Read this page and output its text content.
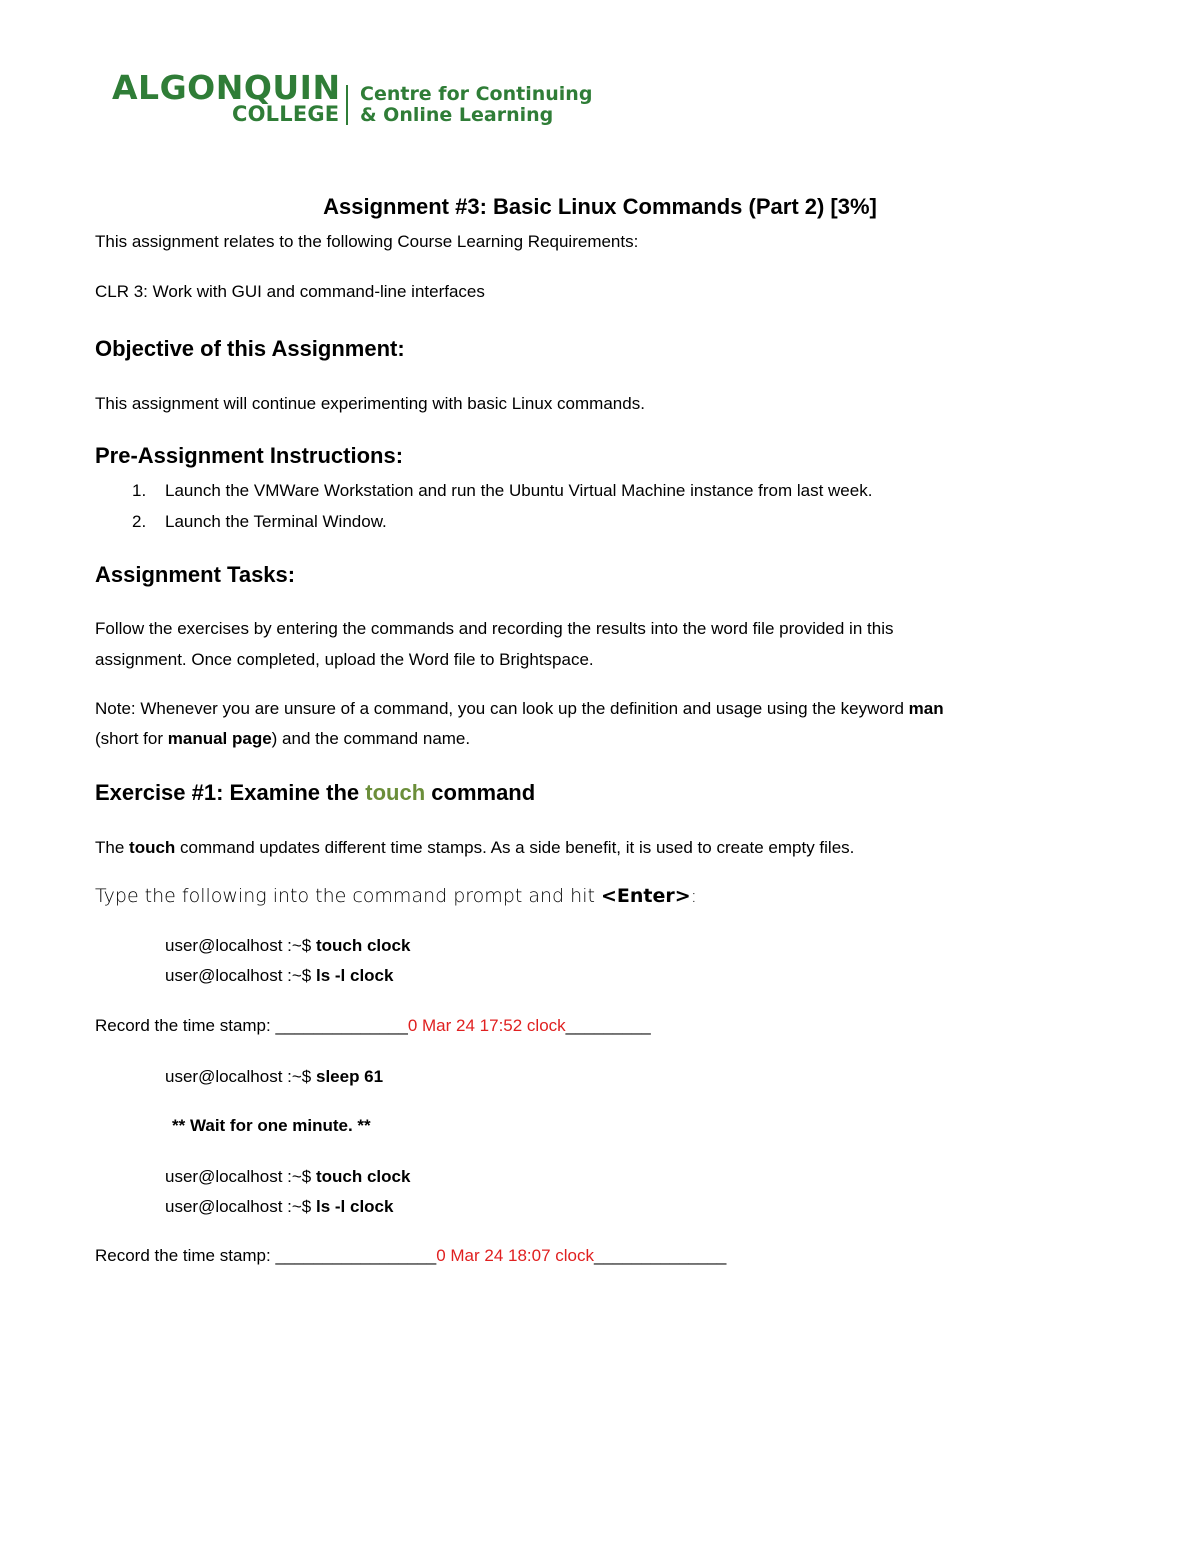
ALGONQUIN
COLLEGE
Centre for Continuing
& Online Learning
Assignment #3: Basic Linux Commands (Part 2) [3%]
This assignment relates to the following Course Learning Requirements:
CLR 3: Work with GUI and command-line interfaces
Objective of this Assignment:
This assignment will continue experimenting with basic Linux commands.
Pre-Assignment Instructions:
1. Launch the VMWare Workstation and run the Ubuntu Virtual Machine instance from last week.
2. Launch the Terminal Window.
Assignment Tasks:
Follow the exercises by entering the commands and recording the results into the word file provided in this
assignment. Once completed, upload the Word file to Brightspace.
Note: Whenever you are unsure of a command, you can look up the definition and usage using the keyword man
(short for manual page) and the command name.
Exercise #1: Examine the touch command
The touch command updates different time stamps. As a side benefit, it is used to create empty files.
Type the following into the command prompt and hit <Enter>:
user@localhost :~$ touch clock
user@localhost :~$ ls -l clock
Record the time stamp: ______________0 Mar 24 17:52 clock_________
user@localhost :~$ sleep 61
** Wait for one minute. **
user@localhost :~$ touch clock
user@localhost :~$ ls -l clock
Record the time stamp: _________________0 Mar 24 18:07 clock______________
